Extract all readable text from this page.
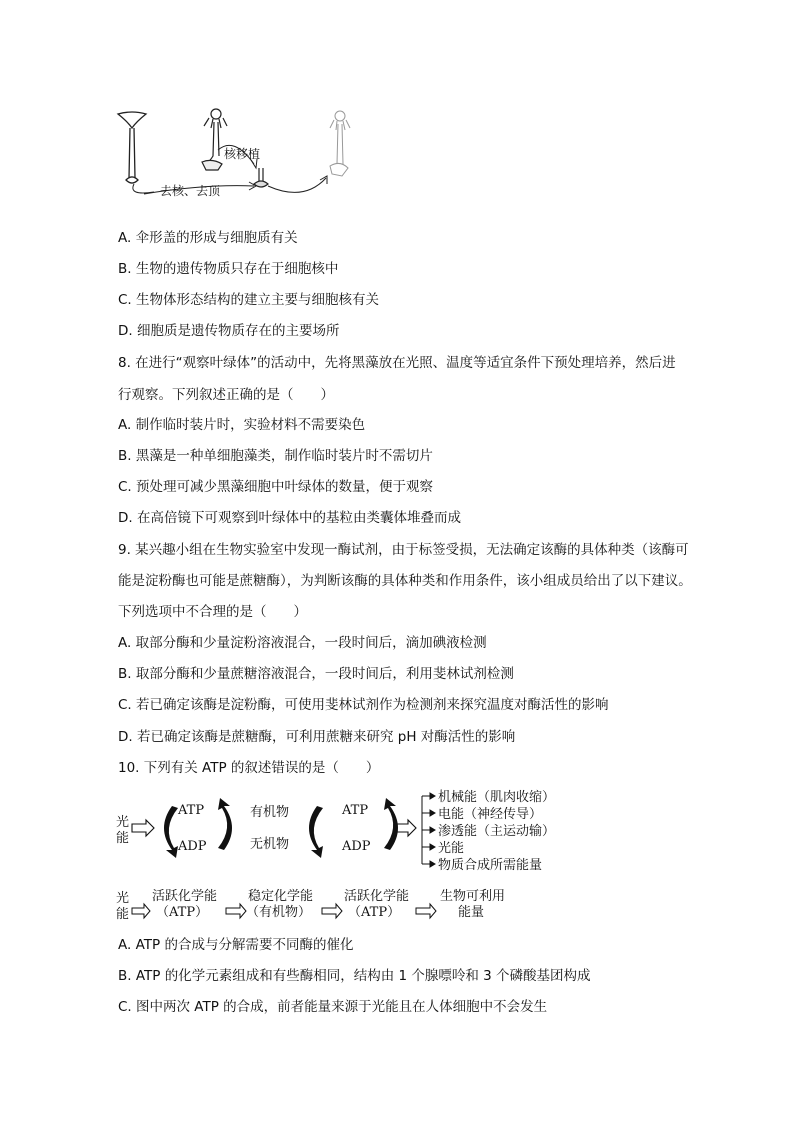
核移植
去核、去顶
A. 伞形盖的形成与细胞质有关
B. 生物的遗传物质只存在于细胞核中
C. 生物体形态结构的建立主要与细胞核有关
D. 细胞质是遗传物质存在的主要场所
8. 在进行“观察叶绿体”的活动中，先将黑藻放在光照、温度等适宜条件下预处理培养，然后进
行观察。下列叙述正确的是（　　）
A. 制作临时装片时，实验材料不需要染色
B. 黑藻是一种单细胞藻类，制作临时装片时不需切片
C. 预处理可减少黑藻细胞中叶绿体的数量，便于观察
D. 在高倍镜下可观察到叶绿体中的基粒由类囊体堆叠而成
9. 某兴趣小组在生物实验室中发现一酶试剂，由于标签受损，无法确定该酶的具体种类（该酶可
能是淀粉酶也可能是蔗糖酶），为判断该酶的具体种类和作用条件，该小组成员给出了以下建议。
下列选项中不合理的是（　　）
A. 取部分酶和少量淀粉溶液混合，一段时间后，滴加碘液检测
B. 取部分酶和少量蔗糖溶液混合，一段时间后，利用斐林试剂检测
C. 若已确定该酶是淀粉酶，可使用斐林试剂作为检测剂来探究温度对酶活性的影响
D. 若已确定该酶是蔗糖酶，可利用蔗糖来研究 pH 对酶活性的影响
10. 下列有关 ATP 的叙述错误的是（　　）
光
能
ATP
ADP
有机物
无机物
ATP
ADP
机械能（肌肉收缩）
电能（神经传导）
渗透能（主运动输）
光能
物质合成所需能量
光
能
活跃化学能
（ATP）
稳定化学能
（有机物）
活跃化学能
（ATP）
生物可利用
能量
A. ATP 的合成与分解需要不同酶的催化
B. ATP 的化学元素组成和有些酶相同，结构由 1 个腺嘌呤和 3 个磷酸基团构成
C. 图中两次 ATP 的合成，前者能量来源于光能且在人体细胞中不会发生
